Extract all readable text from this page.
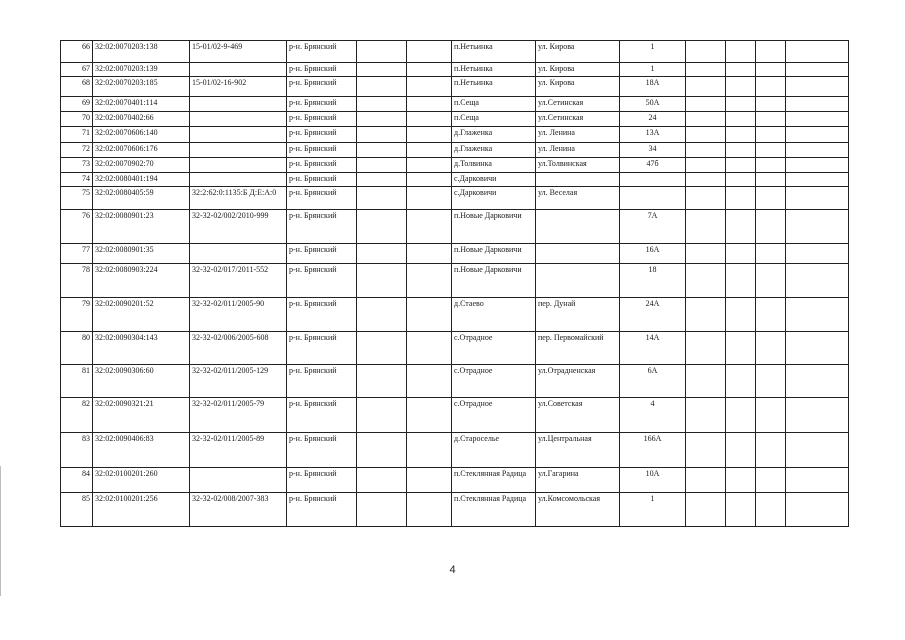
66	32:02:0070203:138	15-01/02-9-469	р-н. Брянский			п.Нетьинка	ул. Кирова	1				
67	32:02:0070203:139		р-н. Брянский			п.Нетьинка	ул. Кирова	1				
68	32:02:0070203:185	15-01/02-16-902	р-н. Брянский			п.Нетьинка	ул. Кирова	18А				
69	32:02:0070401:114		р-н. Брянский			п.Сеща	ул.Сетинская	50А				
70	32:02:0070402:66		р-н. Брянский			п.Сеща	ул.Сетинская	24				
71	32:02:0070606:140		р-н. Брянский			д.Глаженка	ул. Ленина	13А				
72	32:02:0070606:176		р-н. Брянский			д.Глаженка	ул. Ленина	34				
73	32:02:0070902:70		р-н. Брянский			д.Толвинка	ул.Толвинская	47б				
74	32:02:0080401:194		р-н. Брянский			с.Дарковичи						
75	32:02:0080405:59	32:2:62:0:1135:Б Д:Е:А:0	р-н. Брянский			с.Дарковичи	ул. Веселая					
76	32:02:0080901:23	32-32-02/002/2010-999	р-н. Брянский			п.Новые Дарковичи		7А				
77	32:02:0080901:35		р-н. Брянский			п.Новые Дарковичи		16А				
78	32:02:0080903:224	32-32-02/017/2011-552	р-н. Брянский			п.Новые Дарковичи		18				
79	32:02:0090201:52	32-32-02/011/2005-90	р-н. Брянский			д.Стаево	пер. Дунай	24А				
80	32:02:0090304:143	32-32-02/006/2005-608	р-н. Брянский			с.Отрадное	пер. Первомайский	14А				
81	32:02:0090306:60	32-32-02/011/2005-129	р-н. Брянский			с.Отрадное	ул.Отрадненская	6А				
82	32:02:0090321:21	32-32-02/011/2005-79	р-н. Брянский			с.Отрадное	ул.Советская	4				
83	32:02:0090406:83	32-32-02/011/2005-89	р-н. Брянский			д.Староселье	ул.Центральная	166А				
84	32:02:0100201:260		р-н. Брянский			п.Стеклянная Радица	ул.Гагарина	10А				
85	32:02:0100201:256	32-32-02/008/2007-383	р-н. Брянский			п.Стеклянная Радица	ул.Комсомольская	1				
4
